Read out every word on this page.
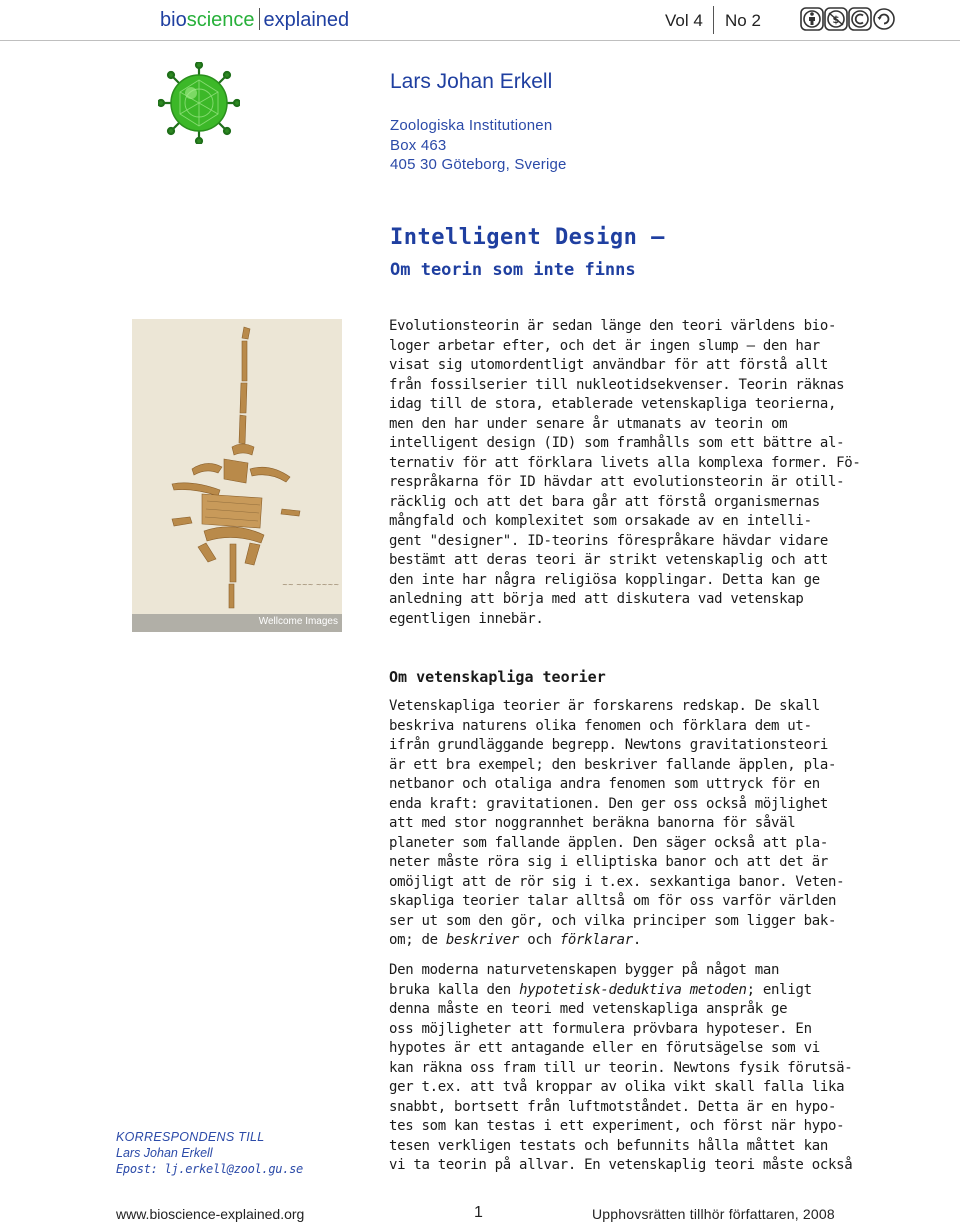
bioscience explained	Vol 4 No 2	$
Lars Johan Erkell
Zoologiska Institutionen
Box 463
405 30 Göteborg, Sverige
Intelligent Design –
Om teorin som inte finns
~~ ~~~ ~~~~
Wellcome Images
Evolutionsteorin är sedan länge den teori världens bio-
loger arbetar efter, och det är ingen slump – den har
visat sig utomordentligt användbar för att förstå allt
från fossilserier till nukleotidsekvenser. Teorin räknas
idag till de stora, etablerade vetenskapliga teorierna,
men den har under senare år utmanats av teorin om
intelligent design (ID) som framhålls som ett bättre al-
ternativ för att förklara livets alla komplexa former. Fö-
respråkarna för ID hävdar att evolutionsteorin är otill-
räcklig och att det bara går att förstå organismernas
mångfald och komplexitet som orsakade av en intelli-
gent "designer". ID-teorins förespråkare hävdar vidare
bestämt att deras teori är strikt vetenskaplig och att
den inte har några religiösa kopplingar. Detta kan ge
anledning att börja med att diskutera vad vetenskap
egentligen innebär.
Om vetenskapliga teorier
Vetenskapliga teorier är forskarens redskap. De skall
beskriva naturens olika fenomen och förklara dem ut-
ifrån grundläggande begrepp. Newtons gravitationsteori
är ett bra exempel; den beskriver fallande äpplen, pla-
netbanor och otaliga andra fenomen som uttryck för en
enda kraft: gravitationen. Den ger oss också möjlighet
att med stor noggrannhet beräkna banorna för såväl
planeter som fallande äpplen. Den säger också att pla-
neter måste röra sig i elliptiska banor och att det är
omöjligt att de rör sig i t.ex. sexkantiga banor. Veten-
skapliga teorier talar alltså om för oss varför världen
ser ut som den gör, och vilka principer som ligger bak-
om; de beskriver och förklarar.
Den moderna naturvetenskapen bygger på något man
bruka kalla den hypotetisk-deduktiva metoden; enligt
denna måste en teori med vetenskapliga anspråk ge
oss möjligheter att formulera prövbara hypoteser. En
hypotes är ett antagande eller en förutsägelse som vi
kan räkna oss fram till ur teorin. Newtons fysik förutsä-
ger t.ex. att två kroppar av olika vikt skall falla lika
snabbt, bortsett från luftmotståndet. Detta är en hypo-
tes som kan testas i ett experiment, och först när hypo-
tesen verkligen testats och befunnits hålla måttet kan
vi ta teorin på allvar. En vetenskaplig teori måste också
KORRESPONDENS TILL
Lars Johan Erkell
Epost: lj.erkell@zool.gu.se
www.bioscience-explained.org	1	Upphovsrätten tillhör författaren, 2008
